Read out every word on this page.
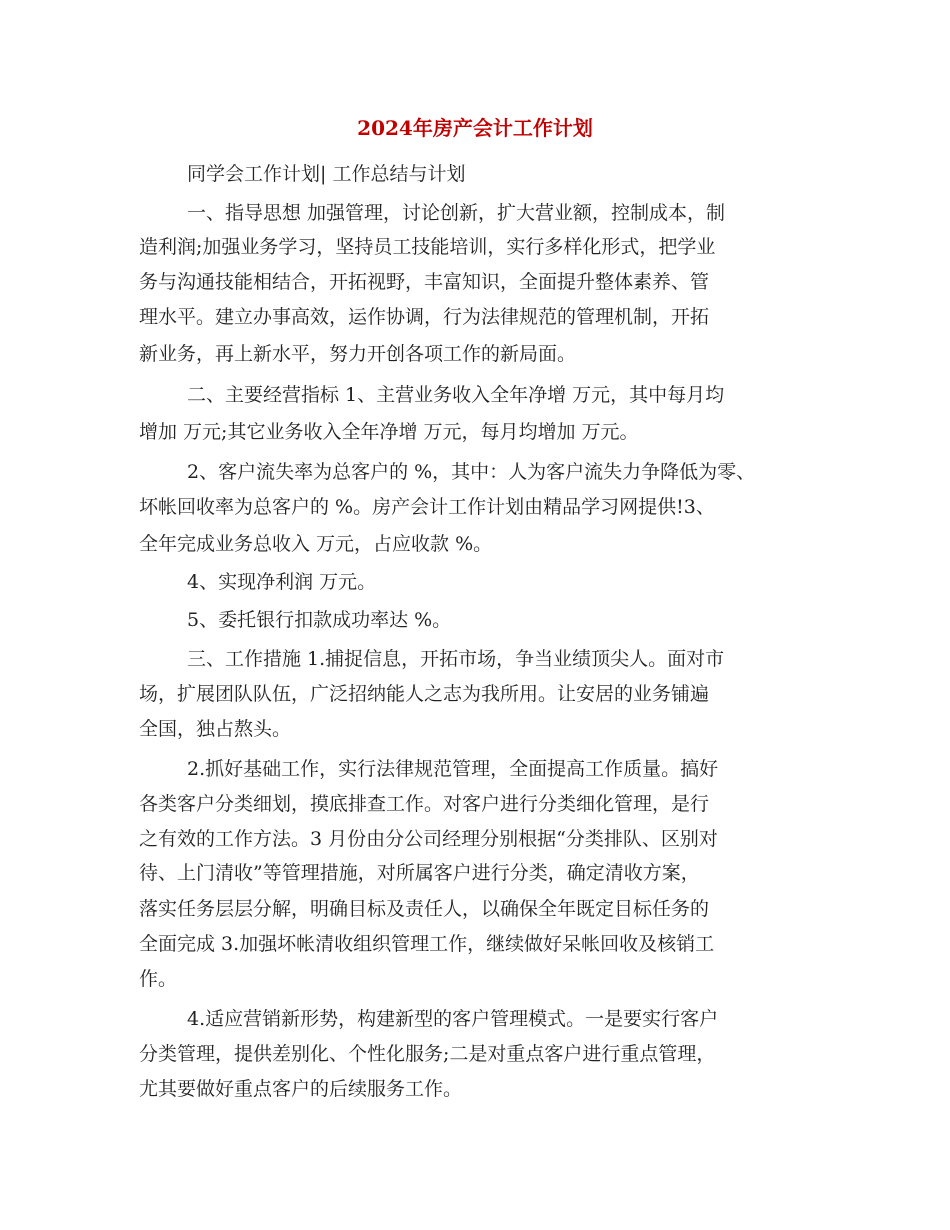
2024年房产会计工作计划
同学会工作计划| 工作总结与计划
一、指导思想 加强管理，讨论创新，扩大营业额，控制成本，制
造利润;加强业务学习，坚持员工技能培训，实行多样化形式，把学业
务与沟通技能相结合，开拓视野，丰富知识，全面提升整体素养、管
理水平。建立办事高效，运作协调，行为法律规范的管理机制，开拓
新业务，再上新水平，努力开创各项工作的新局面。
二、主要经营指标 1、主营业务收入全年净增 万元，其中每月均
增加 万元;其它业务收入全年净增 万元，每月均增加 万元。
2、客户流失率为总客户的 %，其中：人为客户流失力争降低为零、
坏帐回收率为总客户的 %。房产会计工作计划由精品学习网提供!3、
全年完成业务总收入 万元，占应收款 %。
4、实现净利润 万元。
5、委托银行扣款成功率达 %。
三、工作措施 1.捕捉信息，开拓市场，争当业绩顶尖人。面对市
场，扩展团队队伍，广泛招纳能人之志为我所用。让安居的业务铺遍
全国，独占熬头。
2.抓好基础工作，实行法律规范管理，全面提高工作质量。搞好
各类客户分类细划，摸底排查工作。对客户进行分类细化管理，是行
之有效的工作方法。3 月份由分公司经理分别根据“分类排队、区别对
待、上门清收”等管理措施，对所属客户进行分类，确定清收方案，
落实任务层层分解，明确目标及责任人，以确保全年既定目标任务的
全面完成 3.加强坏帐清收组织管理工作，继续做好呆帐回收及核销工
作。
4.适应营销新形势，构建新型的客户管理模式。一是要实行客户
分类管理，提供差别化、个性化服务;二是对重点客户进行重点管理，
尤其要做好重点客户的后续服务工作。
